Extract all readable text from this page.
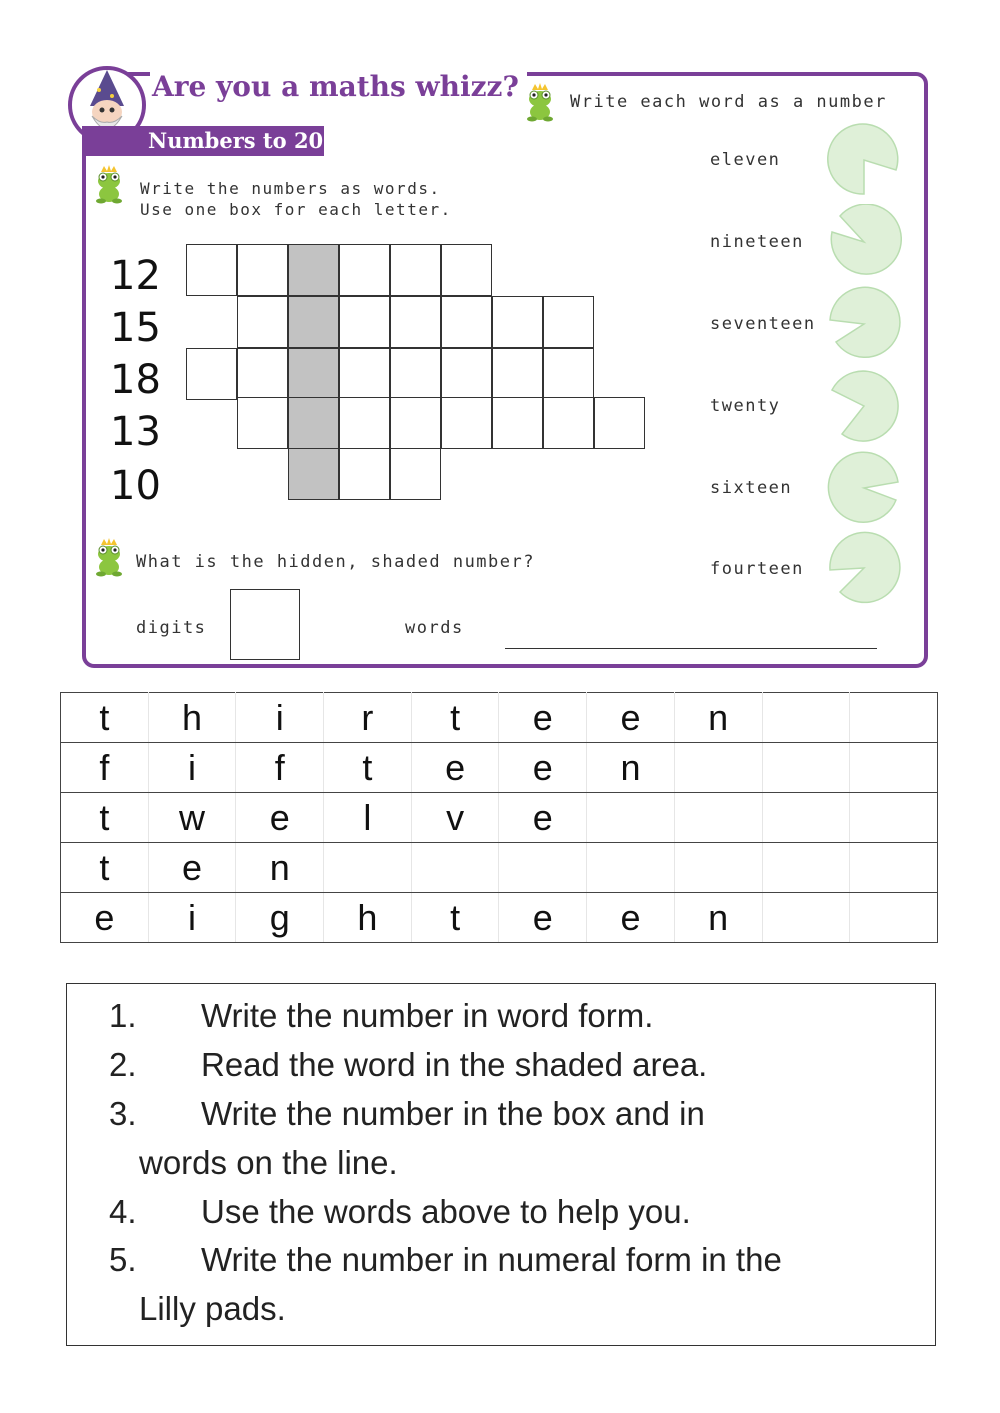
Are you a maths whizz?
Numbers to 20
Write each word as a number
Write the numbers as words.
Use one box for each letter.
12
15
18
13
10
eleven
nineteen
seventeen
twenty
sixteen
fourteen
What is the hidden, shaded number?
digits	words
t	h	i	r	t	e	e	n		
f	i	f	t	e	e	n			
t	w	e	l	v	e				
t	e	n							
e	i	g	h	t	e	e	n		
1. Write the number in word form.
2. Read the word in the shaded area.
3. Write the number in the box and in
words on the line.
4. Use the words above to help you.
5. Write the number in numeral form in the
Lilly pads.
